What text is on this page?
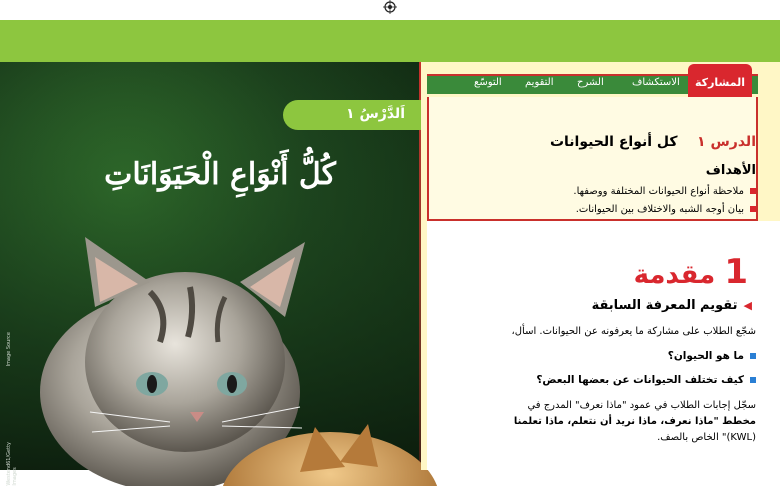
اَلدَّرْسُ ١
كُلُّ أَنْوَاعِ الْحَيَوَانَاتِ
Image Source
Westend61/Getty Images
المشاركة
الاستكشاف
الشرح
التقويم
التوسّع
الدرس ١    كل أنواع الحيوانات
الأهداف
ملاحظة أنواع الحيوانات المختلفة ووصفها.
بيان أوجه الشبه والاختلاف بين الحيوانات.
1 مقدمة
◀تقويم المعرفة السابقة
شجّع الطلاب على مشاركة ما يعرفونه عن الحيوانات. اسأل،
ما هو الحيوان؟
كيف تختلف الحيوانات عن بعضها البعض؟
سجّل إجابات الطلاب في عمود "ماذا نعرف" المدرج في
مخطط "ماذا نعرف، ماذا نريد أن نتعلم، ماذا تعلمنا
(KWL)" الخاص بالصف.
